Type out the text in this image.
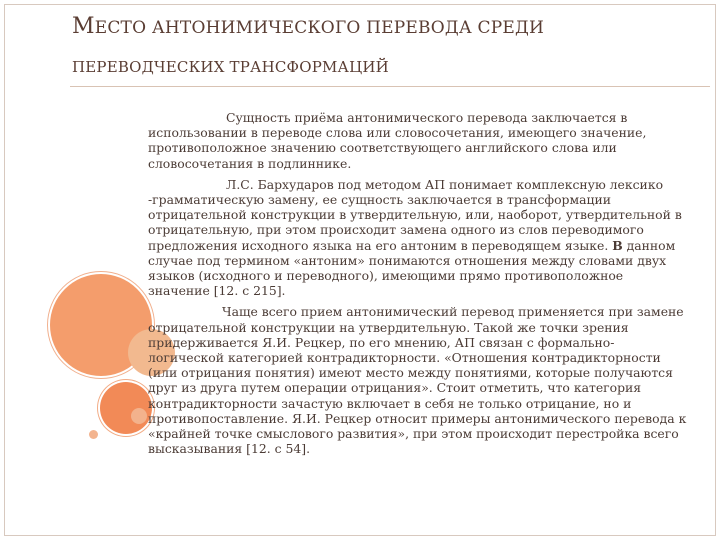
МЕСТО АНТОНИМИЧЕСКОГО ПЕРЕВОДА СРЕДИ
ПЕРЕВОДЧЕСКИХ ТРАНСФОРМАЦИЙ

Сущность приёма антонимического перевода заключается в использовании в переводе слова или словосочетания, имеющего значение, противоположное значению соответствующего английского слова или словосочетания в подлиннике.

Л.С. Бархударов под методом АП понимает комплексную лексико -грамматическую замену, ее сущность заключается в трансформации отрицательной конструкции в утвердительную, или, наоборот, утвердительной в отрицательную, при этом происходит замена одного из слов переводимого предложения исходного языка на его антоним в переводящем языке. В данном случае под термином «антоним» понимаются отношения между словами двух языков (исходного и переводного), имеющими прямо противоположное значение [12. с 215].

Чаще всего прием антонимический перевод применяется при замене отрицательной конструкции на утвердительную. Такой же точки зрения придерживается Я.И. Рецкер, по его мнению, АП связан с формально-логической категорией контрадикторности. «Отношения контрадикторности (или отрицания понятия) имеют место между понятиями, которые получаются друг из друга путем операции отрицания». Стоит отметить, что категория контрадикторности зачастую включает в себя не только отрицание, но и противопоставление. Я.И. Рецкер относит примеры антонимического перевода к «крайней точке смыслового развития», при этом происходит перестройка всего высказывания [12. с 54].
